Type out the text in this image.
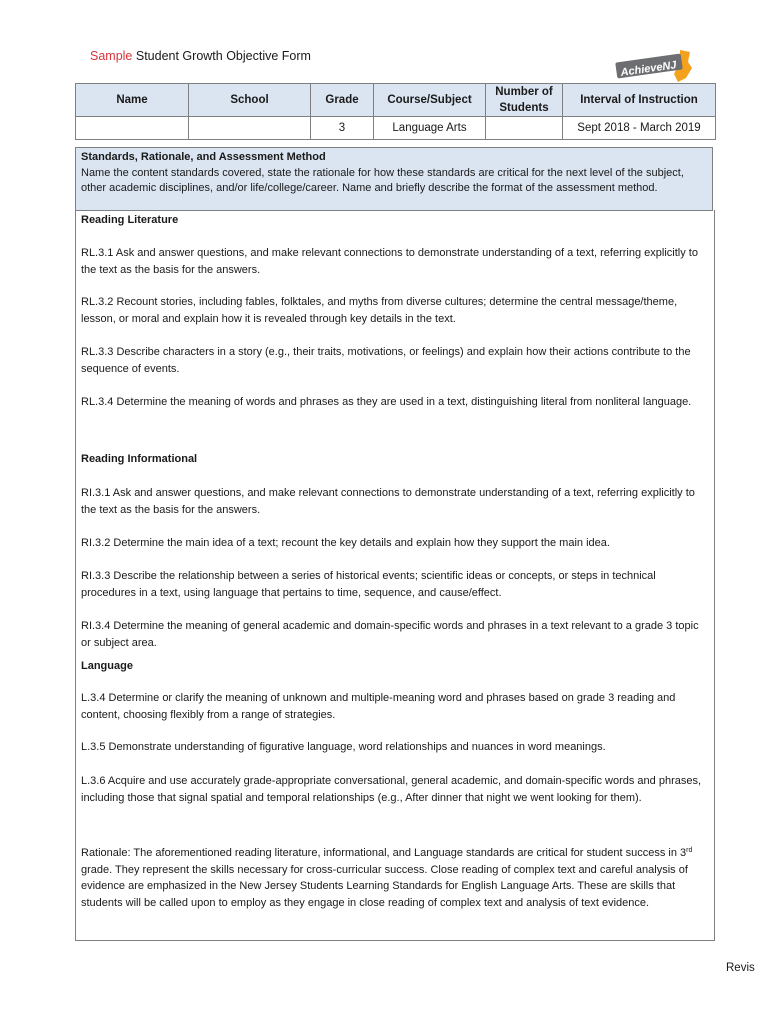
Sample Student Growth Objective Form
AchieveNJ
Name	School	Grade	Course/Subject	Number of Students	Interval of Instruction
		3	Language Arts		Sept 2018 - March 2019
Standards, Rationale, and Assessment Method
Name the content standards covered, state the rationale for how these standards are critical for the next level of the subject, other academic disciplines, and/or life/college/career. Name and briefly describe the format of the assessment method.
Reading Literature
RL.3.1 Ask and answer questions, and make relevant connections to demonstrate understanding of a text, referring explicitly to the text as the basis for the answers.
RL.3.2 Recount stories, including fables, folktales, and myths from diverse cultures; determine the central message/theme, lesson, or moral and explain how it is revealed through key details in the text.
RL.3.3 Describe characters in a story (e.g., their traits, motivations, or feelings) and explain how their actions contribute to the sequence of events.
RL.3.4 Determine the meaning of words and phrases as they are used in a text, distinguishing literal from nonliteral language.
Reading Informational
RI.3.1 Ask and answer questions, and make relevant connections to demonstrate understanding of a text, referring explicitly to the text as the basis for the answers.
RI.3.2 Determine the main idea of a text; recount the key details and explain how they support the main idea.
RI.3.3 Describe the relationship between a series of historical events; scientific ideas or concepts, or steps in technical procedures in a text, using language that pertains to time, sequence, and cause/effect.
RI.3.4 Determine the meaning of general academic and domain-specific words and phrases in a text relevant to a grade 3 topic or subject area.
Language
L.3.4 Determine or clarify the meaning of unknown and multiple-meaning word and phrases based on grade 3 reading and content, choosing flexibly from a range of strategies.
L.3.5 Demonstrate understanding of figurative language, word relationships and nuances in word meanings.
L.3.6 Acquire and use accurately grade-appropriate conversational, general academic, and domain-specific words and phrases, including those that signal spatial and temporal relationships (e.g., After dinner that night we went looking for them).
Rationale: The aforementioned reading literature, informational, and Language standards are critical for student success in 3rd grade. They represent the skills necessary for cross-curricular success. Close reading of complex text and careful analysis of evidence are emphasized in the New Jersey Students Learning Standards for English Language Arts. These are skills that students will be called upon to employ as they engage in close reading of complex text and analysis of text evidence.
Revis
